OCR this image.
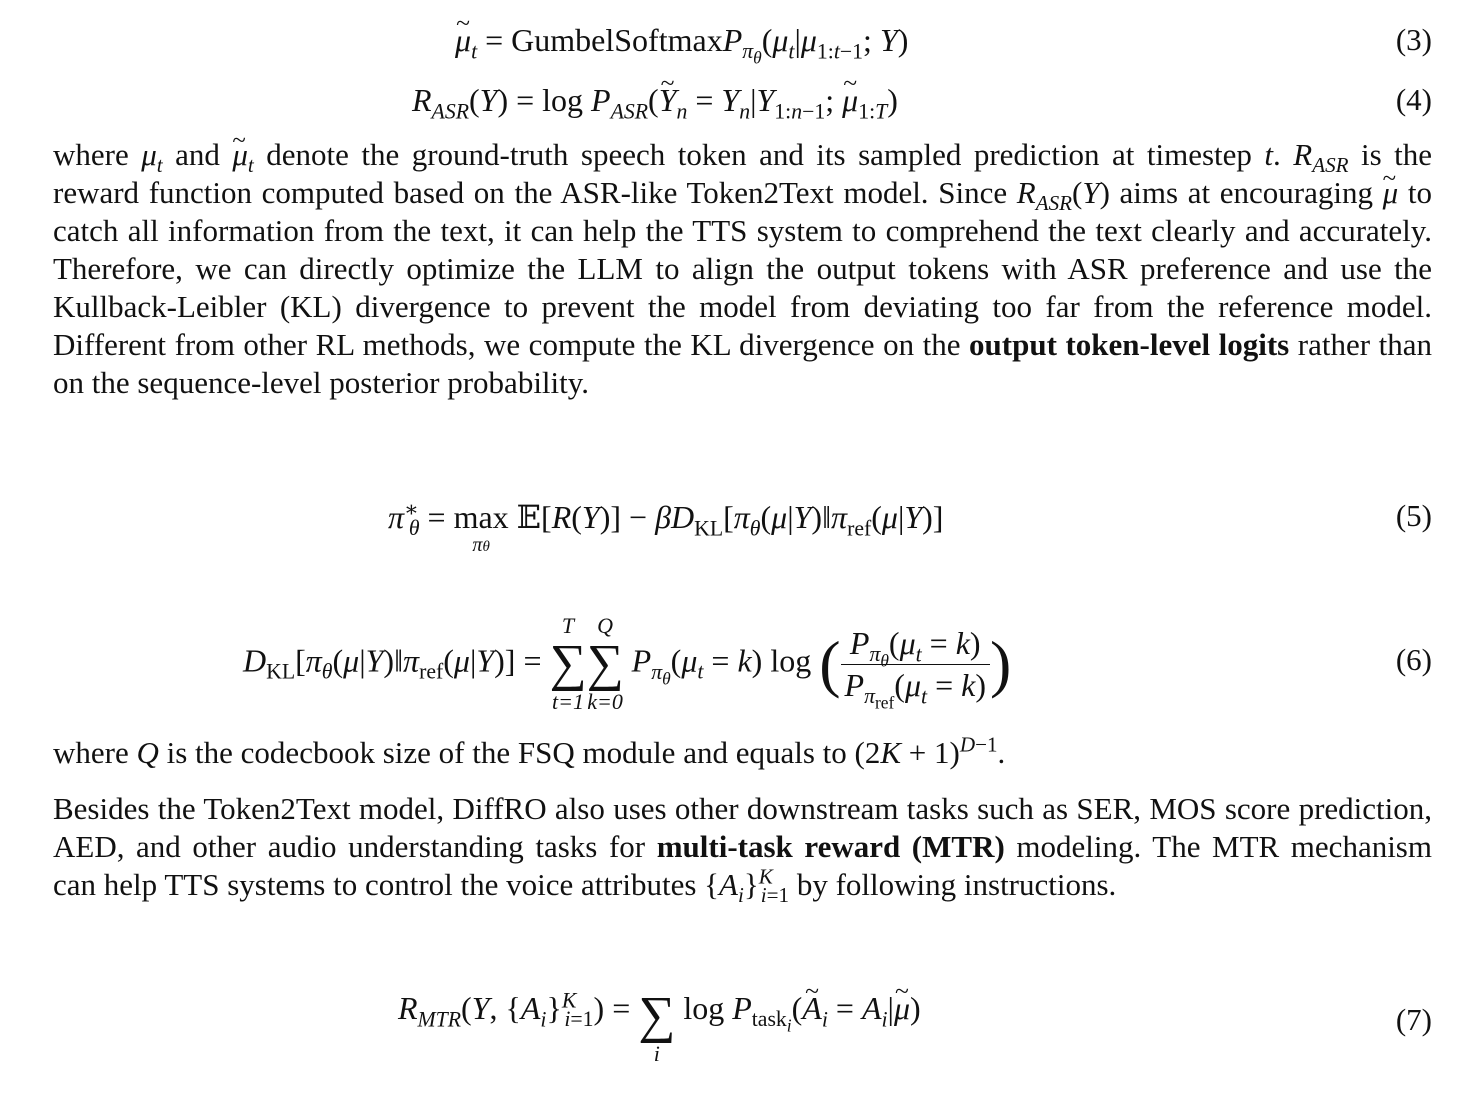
~ $\mu_t$ = $GumbelSoftmaxP_{\pi_\theta}(\mu_t|\mu_{1:t-1}$; Y)	(3)
$R_{ASR}(Y) = \log$ $P_{ASR}(\sim$ $Y_n = Y_n|Y_{1:n-1}$; ~ $\mu_{1:T}$)	(4)
where $\mu_t$ and ~ $\mu_t$ denote the ground-truth speech token and its sampled prediction at timestep t. $R_{ASR}$ is the reward function computed based on the ASR-like Token2Text model. Since $R_{ASR}(Y)$ aims at encouraging ~ μ to catch all information from the text, it can help the TTS system to comprehend the text clearly and accurately. Therefore, we can directly optimize the LLM to align the output tokens with ASR preference and use the Kullback-Leibler (KL) divergence to prevent the model from deviating too far from the reference model. Different from other RL methods, we compute the KL divergence on the output token-level logits rather than on the sequence-level posterior probability.
$\pi^∗_\theta = \max$
πθ
𝔼[R(Y)] − $\beta D_{KL}[\pi_\theta(\mu|Y)‖\pi_{ref}(\mu|Y)]$	(5)
$D_{KL}[\pi_\theta(\mu|Y)‖\pi_{ref}(\mu|Y)]$ =
T
∑
t=1
Q
∑
k=0
$P_{\pi_\theta}(\mu_t = k)$ log ( $\frac{P_{\pi_\theta}(\mu_t = k)}{P_{\pi_{ref}}(\mu_t = k)}$ )	(6)
where Q is the codecbook size of the FSQ module and equals to $(2K + 1)^{D-1}$.
Besides the Token2Text model, DiffRO also uses other downstream tasks such as SER, MOS score prediction, AED, and other audio understanding tasks for multi-task reward (MTR) modeling. The MTR mechanism can help TTS systems to control the voice attributes $\{A_i\}^K_{i=1}$ by following instructions.
$R_{MTR}(Y$, $\{A_i\}^K_{i=1}$) = ∑
i
$\log P_{task_i}(\sim$ $A_i$ = $A_i|\sim$ μ)	(7)
